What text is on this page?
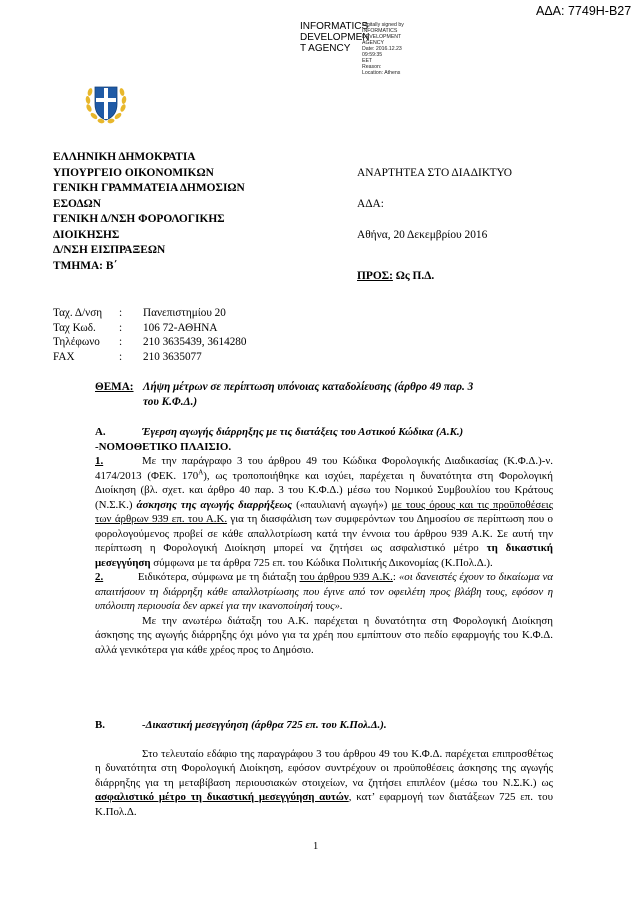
ΑΔΑ: 7749Η-Β27
INFORMATICS
DEVELOPMEN
T AGENCY
Digitally signed by
INFORMATICS
DEVELOPMENT AGENCY
Date: 2016.12.23 09:59:35
EET
Reason:
Location: Athens
ΕΛΛΗΝΙΚΗ ΔΗΜΟΚΡΑΤΙΑ
ΥΠΟΥΡΓΕΙΟ ΟΙΚΟΝΟΜΙΚΩΝ
ΓΕΝΙΚΗ ΓΡΑΜΜΑΤΕΙΑ ΔΗΜΟΣΙΩΝ
ΕΣΟΔΩΝ
ΓΕΝΙΚΗ Δ/ΝΣΗ ΦΟΡΟΛΟΓΙΚΗΣ
ΔΙΟΙΚΗΣΗΣ
Δ/ΝΣΗ ΕΙΣΠΡΑΞΕΩΝ
ΤΜΗΜΑ: Β΄
ΑΝΑΡΤΗΤΕΑ ΣΤΟ ΔΙΑΔΙΚΤΥΟ
ΑΔΑ:
Αθήνα, 20 Δεκεμβρίου 2016
ΠΡΟΣ: Ως Π.Δ.
Ταχ. Δ/νση	:	Πανεπιστημίου 20
Ταχ Κωδ.	:	106 72-ΑΘΗΝΑ
Τηλέφωνο	:	210 3635439, 3614280
FAX	:	210 3635077
ΘΕΜΑ: Λήψη μέτρων σε περίπτωση υπόνοιας καταδολίευσης (άρθρο 49 παρ. 3
του Κ.Φ.Δ.)
Α.	Έγερση αγωγής διάρρηξης με τις διατάξεις του Αστικού Κώδικα (Α.Κ.)
-ΝΟΜΟΘΕΤΙΚΟ ΠΛΑΙΣΙΟ.
1.	Με την παράγραφο 3 του άρθρου 49 του Κώδικα Φορολογικής Διαδικασίας (Κ.Φ.Δ.)-ν. 4174/2013 (ΦΕΚ. $170^A$), ως τροποποιήθηκε και ισχύει, παρέχεται η δυνατότητα στη Φορολογική Διοίκηση (βλ. σχετ. και άρθρο 40 παρ. 3 του Κ.Φ.Δ.) μέσω του Νομικού Συμβουλίου του Κράτους (Ν.Σ.Κ.) άσκησης της αγωγής διαρρήξεως («παυλιανή αγωγή») με τους όρους και τις προϋποθέσεις των άρθρων 939 επ. του Α.Κ. για τη διασφάλιση των συμφερόντων του Δημοσίου σε περίπτωση που ο φορολογούμενος προβεί σε κάθε απαλλοτρίωση κατά την έννοια του άρθρου 939 Α.Κ. Σε αυτή την περίπτωση η Φορολογική Διοίκηση μπορεί να ζητήσει ως ασφαλιστικό μέτρο τη δικαστική μεσεγγύηση σύμφωνα με τα άρθρα 725 επ. του Κώδικα Πολιτικής Δικονομίας (Κ.Πολ.Δ.).
2.	Ειδικότερα, σύμφωνα με τη διάταξη του άρθρου 939 Α.Κ.: «οι δανειστές έχουν το δικαίωμα να απαιτήσουν τη διάρρηξη κάθε απαλλοτρίωσης που έγινε από τον οφειλέτη προς βλάβη τους, εφόσον η υπόλοιπη περιουσία δεν αρκεί για την ικανοποίησή τους».
Με την ανωτέρω διάταξη του Α.Κ. παρέχεται η δυνατότητα στη Φορολογική Διοίκηση άσκησης της αγωγής διάρρηξης όχι μόνο για τα χρέη που εμπίπτουν στο πεδίο εφαρμογής του Κ.Φ.Δ. αλλά γενικότερα για κάθε χρέος προς το Δημόσιο.
Β.	-Δικαστική μεσεγγύηση (άρθρα 725 επ. του Κ.Πολ.Δ.).
Στο τελευταίο εδάφιο της παραγράφου 3 του άρθρου 49 του Κ.Φ.Δ. παρέχεται επιπροσθέτως η δυνατότητα στη Φορολογική Διοίκηση, εφόσον συντρέχουν οι προϋποθέσεις άσκησης της αγωγής διάρρηξης για τη μεταβίβαση περιουσιακών στοιχείων, να ζητήσει επιπλέον (μέσω του Ν.Σ.Κ.) ως ασφαλιστικό μέτρο τη δικαστική μεσεγγύηση αυτών, κατ’ εφαρμογή των διατάξεων 725 επ. του Κ.Πολ.Δ.
1
